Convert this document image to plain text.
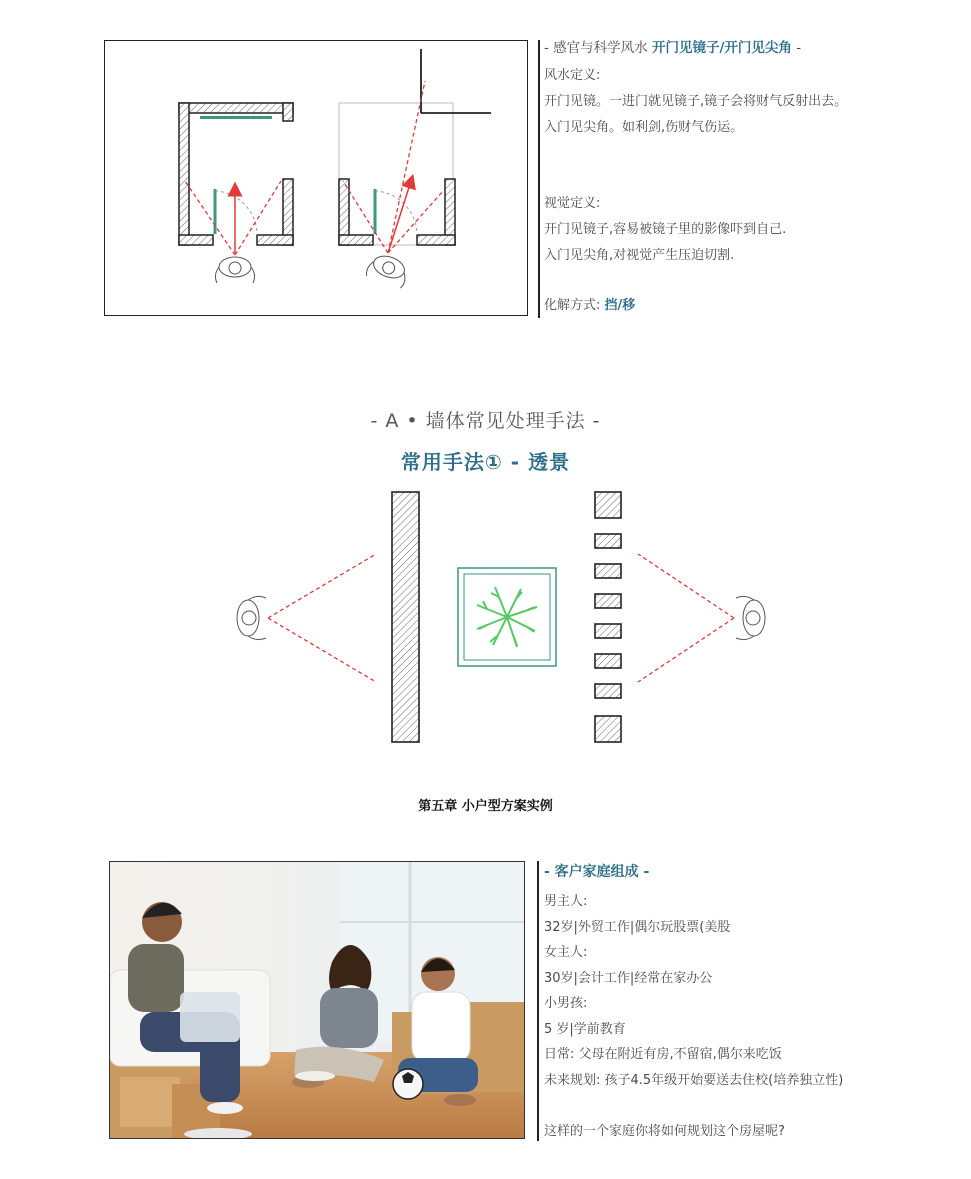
- 感官与科学风水 开门见镜子/开门见尖角 -
风水定义:
开门见镜。一进门就见镜子,镜子会将财气反射出去。
入门见尖角。如利剑,伤财气伤运。
视觉定义:
开门见镜子,容易被镜子里的影像吓到自己.
入门见尖角,对视觉产生压迫切割.
化解方式: 挡/移
- A • 墙体常见处理手法 -
常用手法① - 透景
第五章 小户型方案实例
- 客户家庭组成 -
男主人:
32岁|外贸工作|偶尔玩股票(美股
女主人:
30岁|会计工作|经常在家办公
小男孩:
5 岁|学前教育
日常: 父母在附近有房,不留宿,偶尔来吃饭
未来规划: 孩子4.5年级开始要送去住校(培养独立性)
这样的一个家庭你将如何规划这个房屋呢?
